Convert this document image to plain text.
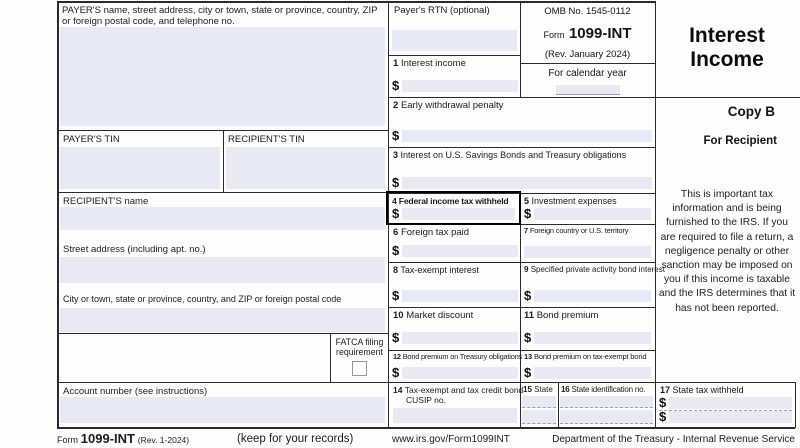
PAYER'S name, street address, city or town, state or province, country, ZIP or foreign postal code, and telephone no.
Payer's RTN (optional)	OMB No. 1545-0112
Form 1099-INT
(Rev. January 2024)
For calendar year
1 Interest income
$
2 Early withdrawal penalty
$
3 Interest on U.S. Savings Bonds and Treasury obligations
$
4 Federal income tax withheld
$
5 Investment expenses
$
6 Foreign tax paid
$
7 Foreign country or U.S. territory
8 Tax-exempt interest
$
9 Specified private activity bond interest
$
10 Market discount
$
11 Bond premium
$
12 Bond premium on Treasury obligations
$
13 Bond premium on tax-exempt bond
$
14 Tax-exempt and tax credit bond CUSIP no.
15 State 16 State identification no. 17 State tax withheld
$
$
PAYER'S TIN	RECIPIENT'S TIN
RECIPIENT'S name
Street address (including apt. no.)
City or town, state or province, country, and ZIP or foreign postal code
FATCA filing requirement
Account number (see instructions)
Interest Income
Copy B
For Recipient
This is important tax information and is being furnished to the IRS. If you are required to file a return, a negligence penalty or other sanction may be imposed on you if this income is taxable and the IRS determines that it has not been reported.
Form 1099-INT (Rev. 1-2024)	(keep for your records)	www.irs.gov/Form1099INT	Department of the Treasury - Internal Revenue Service
